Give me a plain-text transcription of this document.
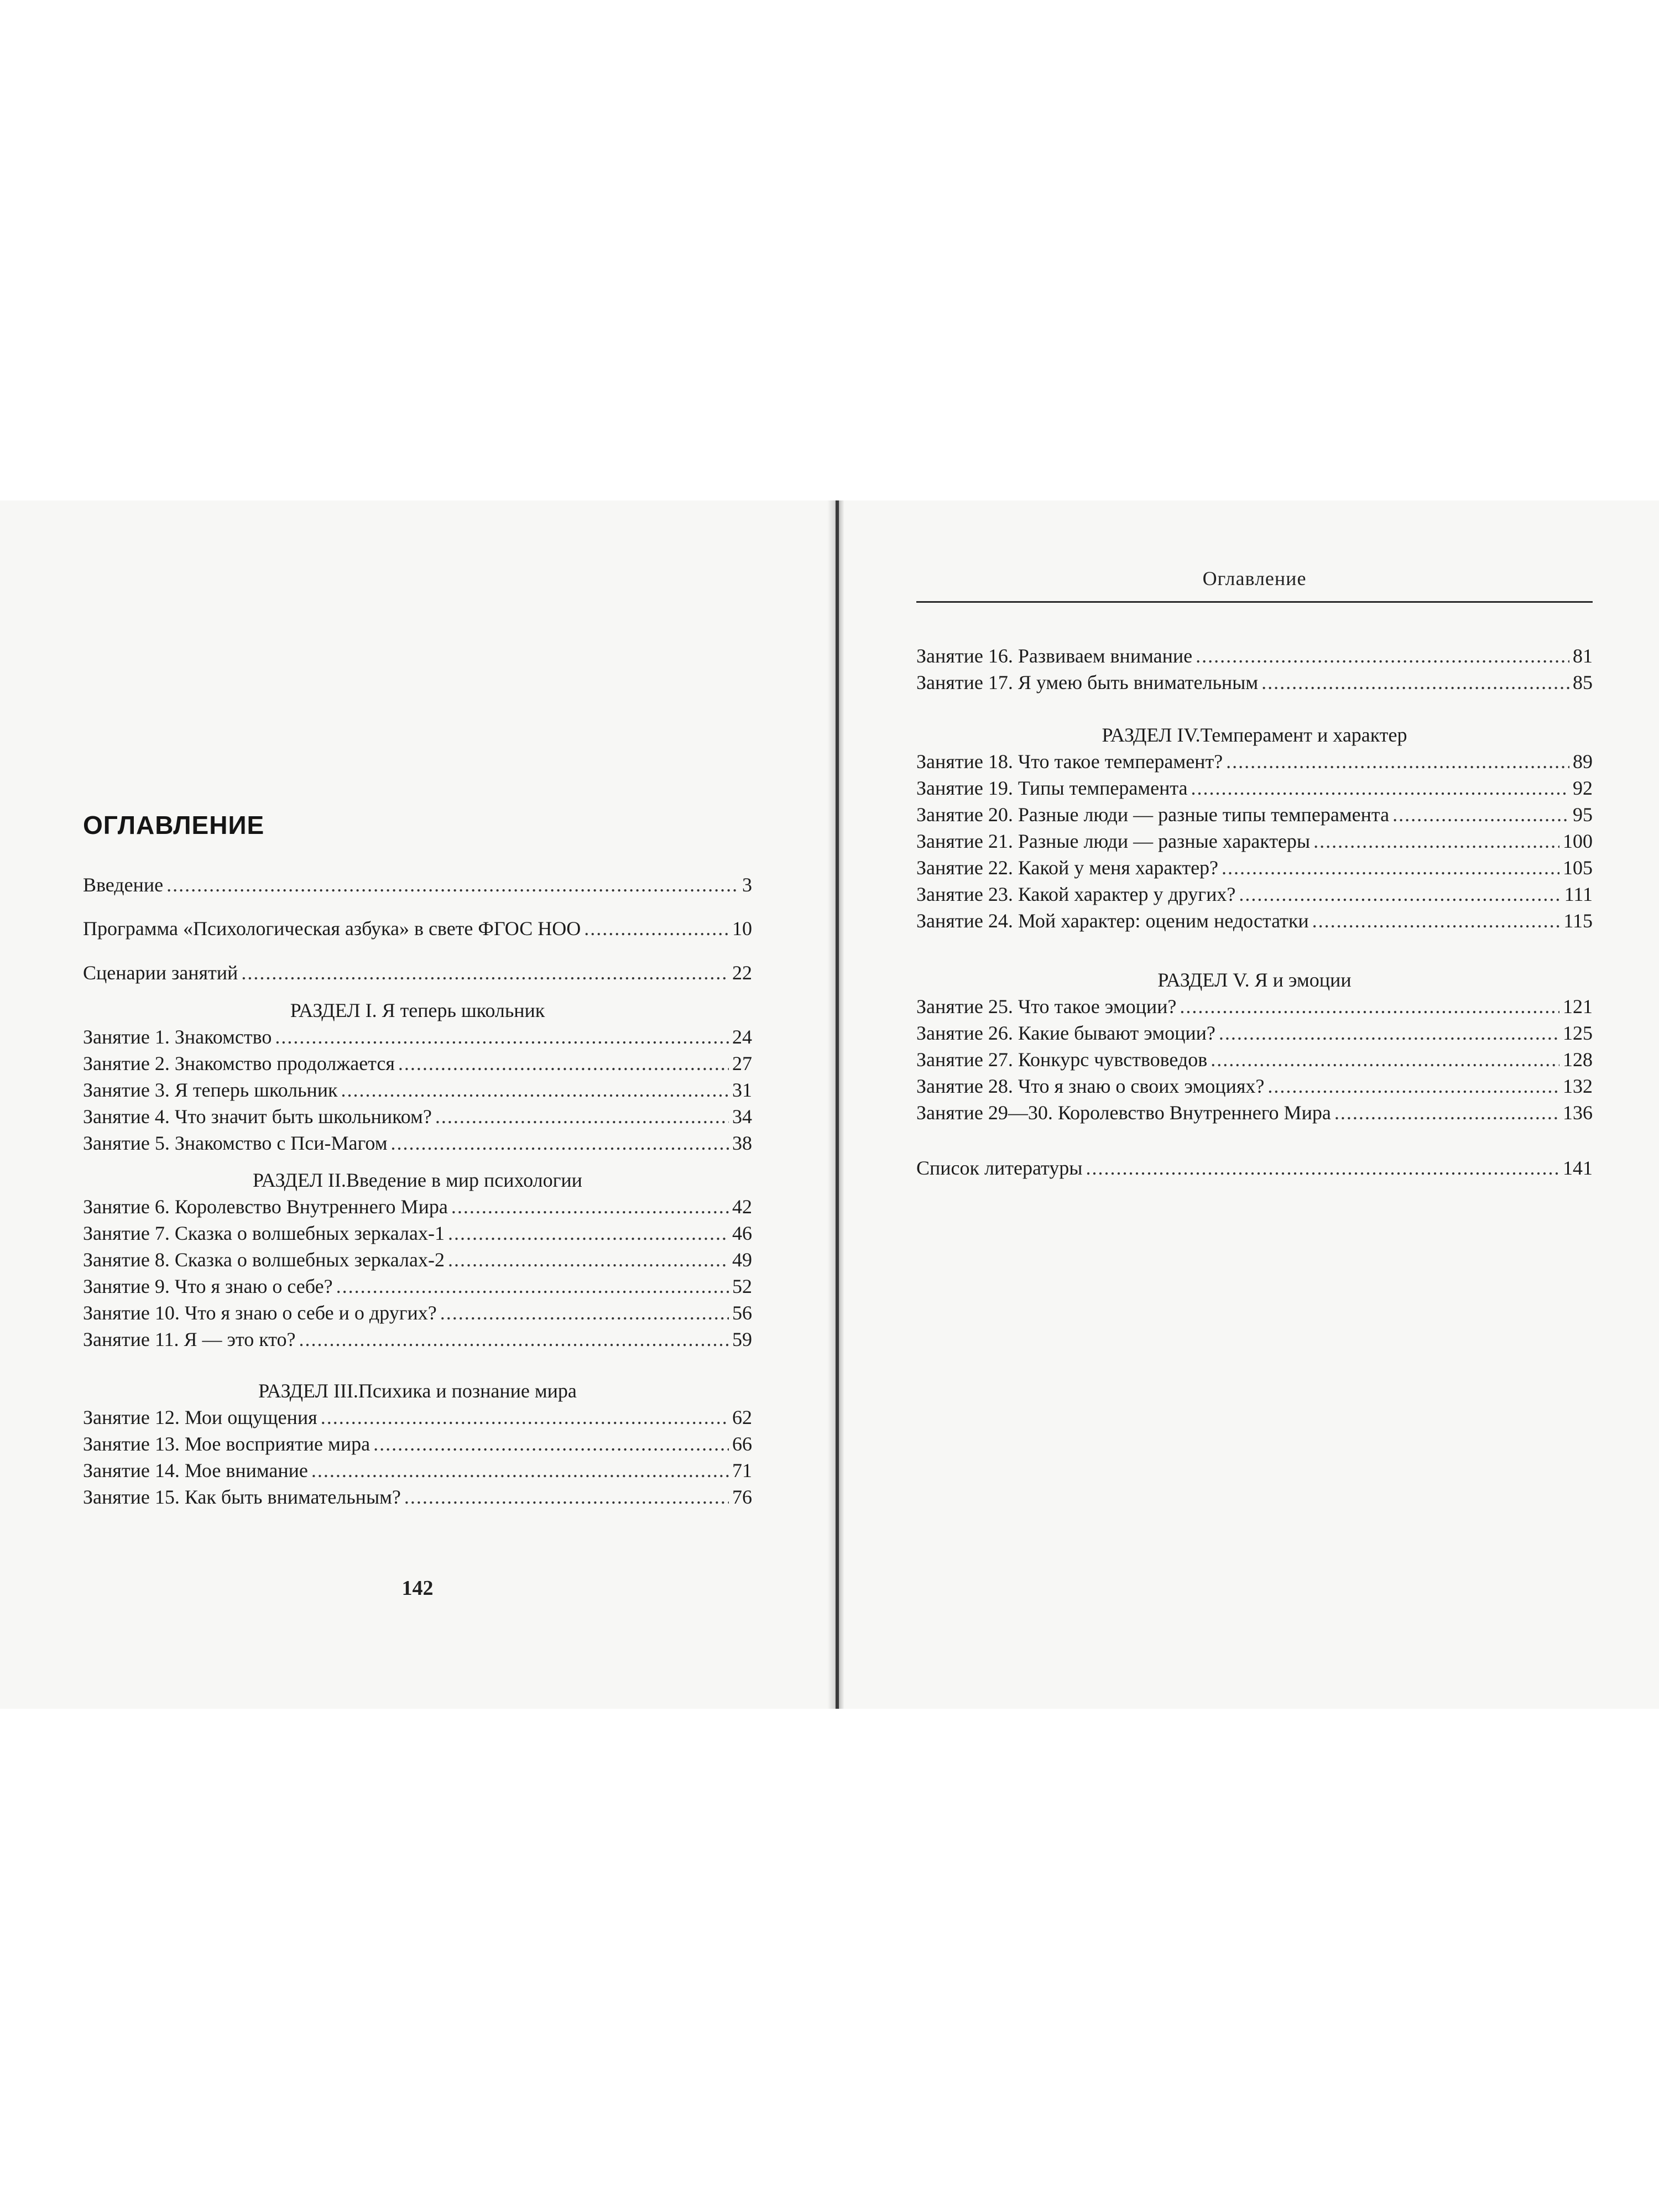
ОГЛАВЛЕНИЕ
Введение .....	3
Программа «Психологическая азбука» в свете ФГОС НОО .....	10
Сценарии занятий .....	22
РАЗДЕЛ I. Я теперь школьник
Занятие 1. Знакомство .....	24
Занятие 2. Знакомство продолжается .....	27
Занятие 3. Я теперь школьник .....	31
Занятие 4. Что значит быть школьником? .....	34
Занятие 5. Знакомство с Пси-Магом .....	38
РАЗДЕЛ II.Введение в мир психологии
Занятие 6. Королевство Внутреннего Мира .....	42
Занятие 7. Сказка о волшебных зеркалах-1 .....	46
Занятие 8. Сказка о волшебных зеркалах-2 .....	49
Занятие 9. Что я знаю о себе? .....	52
Занятие 10. Что я знаю о себе и о других? .....	56
Занятие 11. Я — это кто? .....	59
РАЗДЕЛ III.Психика и познание мира
Занятие 12. Мои ощущения .....	62
Занятие 13. Мое восприятие мира .....	66
Занятие 14. Мое внимание .....	71
Занятие 15. Как быть внимательным? .....	76
142
Оглавление
Занятие 16. Развиваем внимание .....	81
Занятие 17. Я умею быть внимательным .....	85
РАЗДЕЛ IV.Темперамент и характер
Занятие 18. Что такое темперамент? .....	89
Занятие 19. Типы темперамента .....	92
Занятие 20. Разные люди — разные типы темперамента .....	95
Занятие 21. Разные люди — разные характеры .....	100
Занятие 22. Какой у меня характер? .....	105
Занятие 23. Какой характер у других? .....	111
Занятие 24. Мой характер: оценим недостатки .....	115
РАЗДЕЛ V. Я и эмоции
Занятие 25. Что такое эмоции? .....	121
Занятие 26. Какие бывают эмоции? .....	125
Занятие 27. Конкурс чувствоведов .....	128
Занятие 28. Что я знаю о своих эмоциях? .....	132
Занятие 29—30. Королевство Внутреннего Мира .....	136
Список литературы .....	141
